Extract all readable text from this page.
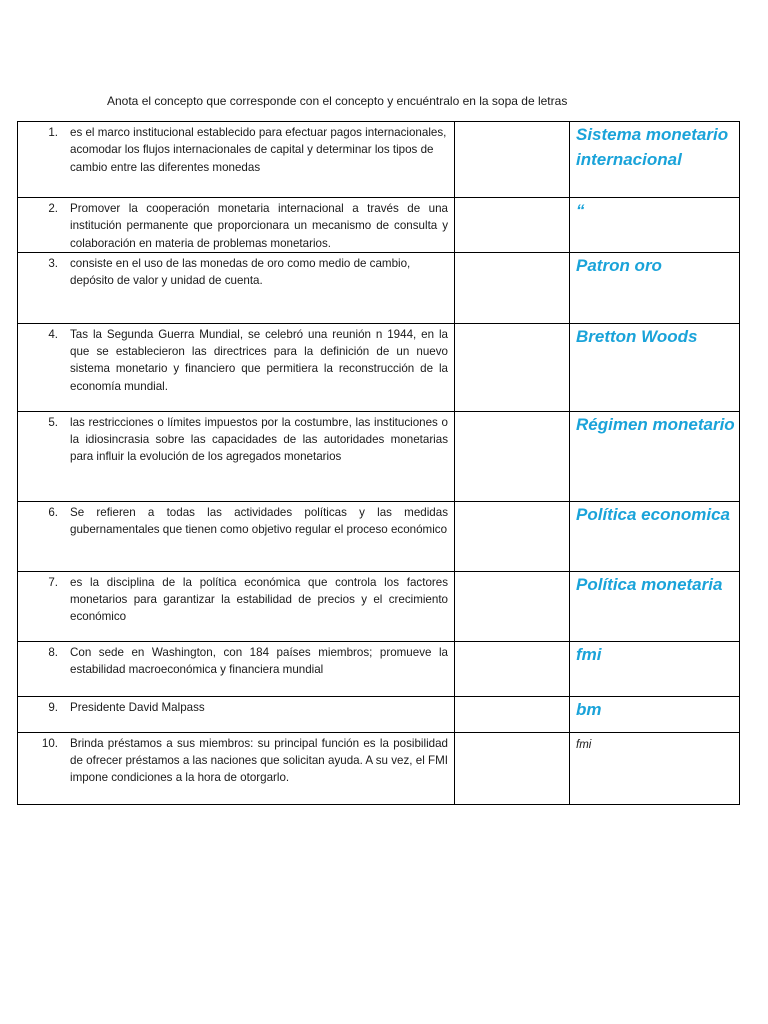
Anota el concepto que corresponde con el concepto y encuéntralo en la sopa de letras
1. es el marco institucional establecido para efectuar pagos internacionales, acomodar los flujos internacionales de capital y determinar los tipos de cambio entre las diferentes monedas		Sistema monetario internacional

2. Promover la cooperación monetaria internacional a través de una institución permanente que proporcionara un mecanismo de consulta y colaboración en materia de problemas monetarios.		“

3. consiste en el uso de las monedas de oro como medio de cambio, depósito de valor y unidad de cuenta.		Patron oro

4. Tas la Segunda Guerra Mundial, se celebró una reunión n 1944, en la que se establecieron las directrices para la definición de un nuevo sistema monetario y financiero que permitiera la reconstrucción de la economía mundial.		Bretton Woods

5. las restricciones o límites impuestos por la costumbre, las instituciones o la idiosincrasia sobre las capacidades de las autoridades monetarias para influir la evolución de los agregados monetarios		Régimen monetario

6. Se refieren a todas las actividades políticas y las medidas gubernamentales que tienen como objetivo regular el proceso económico		Política economica

7. es la disciplina de la política económica que controla los factores monetarios para garantizar la estabilidad de precios y el crecimiento económico		Política monetaria

8. Con sede en Washington, con 184 países miembros; promueve la estabilidad macroeconómica y financiera mundial		fmi

9. Presidente David Malpass		bm

10. Brinda préstamos a sus miembros: su principal función es la posibilidad de ofrecer préstamos a las naciones que solicitan ayuda. A su vez, el FMI impone condiciones a la hora de otorgarlo.		fmi
